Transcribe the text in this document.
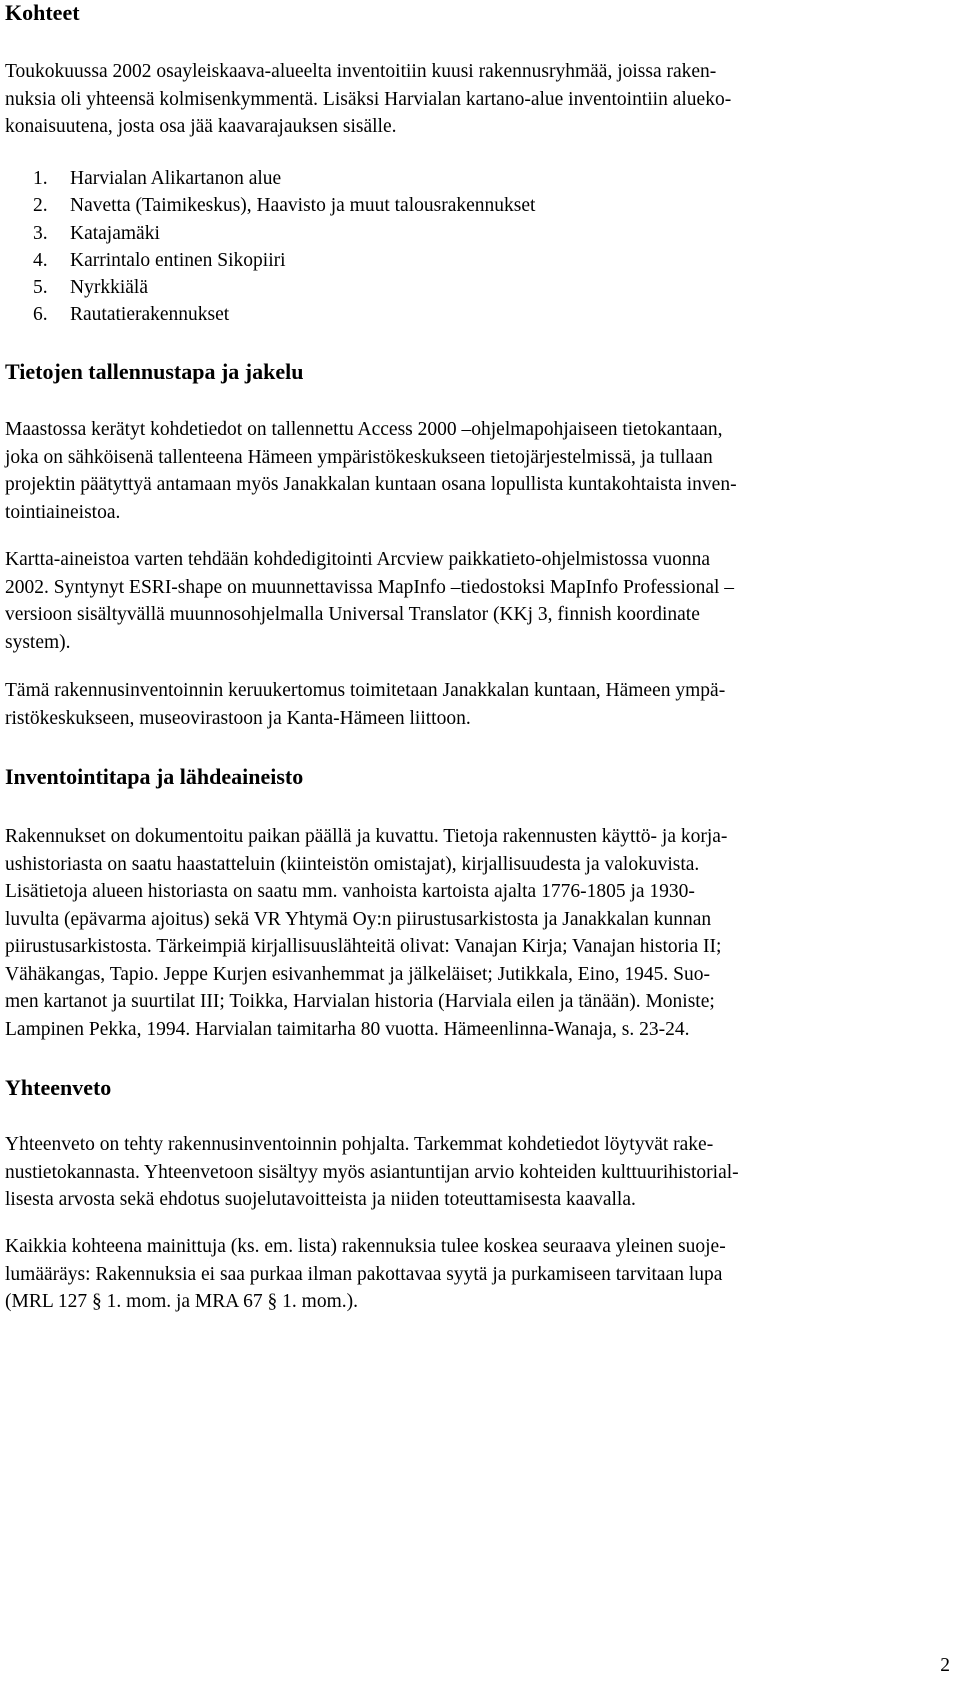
Kohteet

Toukokuussa 2002 osayleiskaava-alueelta inventoitiin kuusi rakennusryhmää, joissa raken-
nuksia oli yhteensä kolmisenkymmentä. Lisäksi Harvialan kartano-alue inventointiin alueko-
konaisuutena, josta osa jää kaavarajauksen sisälle.

1.	Harvialan Alikartanon alue
2.	Navetta (Taimikeskus), Haavisto ja muut talousrakennukset
3.	Katajamäki
4.	Karrintalo entinen Sikopiiri
5.	Nyrkkiälä
6.	Rautatierakennukset
Tietojen tallennustapa ja jakelu

Maastossa kerätyt kohdetiedot on tallennettu Access 2000 –ohjelmapohjaiseen tietokantaan,
joka on sähköisenä tallenteena Hämeen ympäristökeskukseen tietojärjestelmissä, ja tullaan
projektin päätyttyä antamaan myös Janakkalan kuntaan osana lopullista kuntakohtaista inven-
tointiaineistoa.

Kartta-aineistoa varten tehdään kohdedigitointi Arcview paikkatieto-ohjelmistossa vuonna
2002. Syntynyt ESRI-shape on muunnettavissa MapInfo –tiedostoksi MapInfo Professional –
versioon sisältyvällä muunnosohjelmalla Universal Translator (KKj 3, finnish koordinate
system).

Tämä rakennusinventoinnin keruukertomus toimitetaan Janakkalan kuntaan, Hämeen ympä-
ristökeskukseen, museovirastoon ja Kanta-Hämeen liittoon.

Inventointitapa ja lähdeaineisto

Rakennukset on dokumentoitu paikan päällä ja kuvattu. Tietoja rakennusten käyttö- ja korja-
ushistoriasta on saatu haastatteluin (kiinteistön omistajat), kirjallisuudesta ja valokuvista.
Lisätietoja alueen historiasta on saatu mm. vanhoista kartoista ajalta 1776-1805 ja 1930-
luvulta (epävarma ajoitus) sekä VR Yhtymä Oy:n piirustusarkistosta ja Janakkalan kunnan
piirustusarkistosta. Tärkeimpiä kirjallisuuslähteitä olivat: Vanajan Kirja; Vanajan historia II;
Vähäkangas, Tapio. Jeppe Kurjen esivanhemmat ja jälkeläiset; Jutikkala, Eino, 1945. Suo-
men kartanot ja suurtilat III; Toikka, Harvialan historia (Harviala eilen ja tänään). Moniste;
Lampinen Pekka, 1994. Harvialan taimitarha 80 vuotta. Hämeenlinna-Wanaja, s. 23-24.

Yhteenveto

Yhteenveto on tehty rakennusinventoinnin pohjalta. Tarkemmat kohdetiedot löytyvät rake-
nustietokannasta. Yhteenvetoon sisältyy myös asiantuntijan arvio kohteiden kulttuurihistorial-
lisesta arvosta sekä ehdotus suojelutavoitteista ja niiden toteuttamisesta kaavalla.

Kaikkia kohteena mainittuja (ks. em. lista) rakennuksia tulee koskea seuraava yleinen suoje-
lumääräys: Rakennuksia ei saa purkaa ilman pakottavaa syytä ja purkamiseen tarvitaan lupa
(MRL 127 § 1. mom. ja MRA 67 § 1. mom.).

2
